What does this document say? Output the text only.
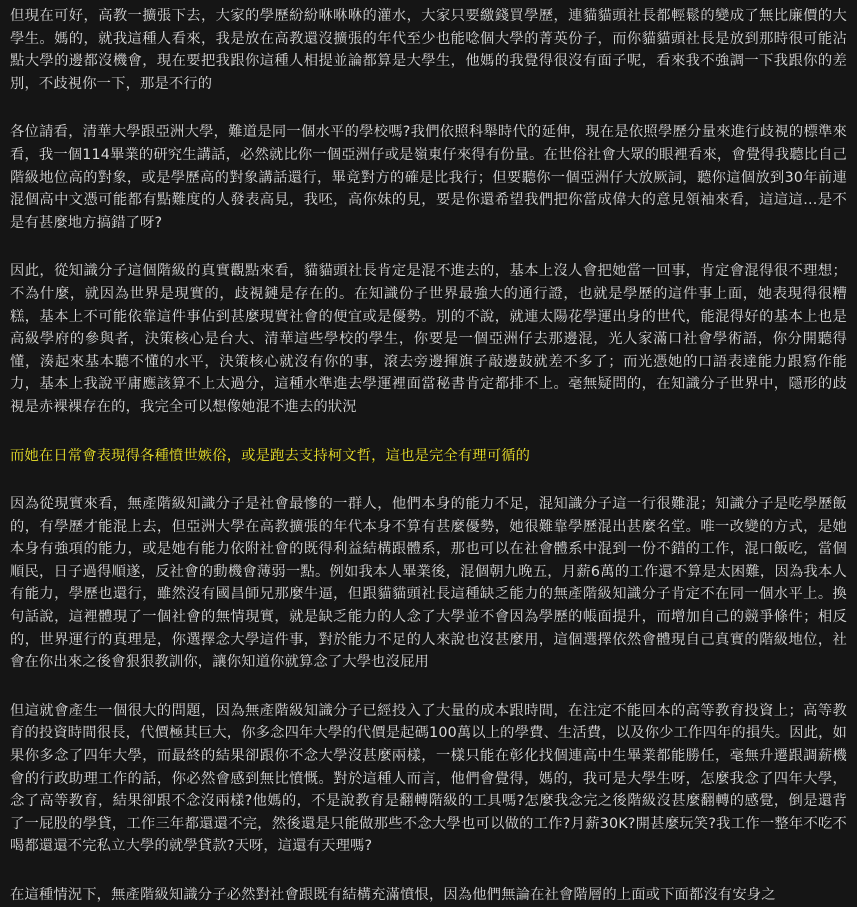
但現在可好，高教一擴張下去，大家的學歷紛紛咻咻咻的灌水，大家只要繳錢買學歷，連貓貓頭社長都輕鬆的變成了無比廉價的大學生。媽的，就我這種人看來，我是放在高教還沒擴張的年代至少也能唸個大學的菁英份子，而你貓貓頭社長是放到那時很可能沾點大學的邊都沒機會，現在要把我跟你這種人相提並論都算是大學生，他媽的我覺得很沒有面子呢，看來我不強調一下我跟你的差別，不歧視你一下，那是不行的

各位請看，清華大學跟亞洲大學，難道是同一個水平的學校嗎?我們依照科舉時代的延伸，現在是依照學歷分量來進行歧視的標準來看，我一個114畢業的研究生講話，必然就比你一個亞洲仔或是嶺東仔來得有份量。在世俗社會大眾的眼裡看來，會覺得我聽比自己階級地位高的對象，或是學歷高的對象講話還行，畢竟對方的確是比我行；但要聽你一個亞洲仔大放厥詞，聽你這個放到30年前連混個高中文憑可能都有點難度的人發表高見，我呸，高你妹的見，要是你還希望我們把你當成偉大的意見領袖來看，這這這…是不是有甚麼地方搞錯了呀?

因此，從知識分子這個階級的真實觀點來看，貓貓頭社長肯定是混不進去的，基本上沒人會把她當一回事，肯定會混得很不理想；不為什麼，就因為世界是現實的，歧視鏈是存在的。在知識份子世界最強大的通行證，也就是學歷的這件事上面，她表現得很糟糕，基本上不可能依靠這件事佔到甚麼現實社會的便宜或是優勢。別的不說，就連太陽花學運出身的世代，能混得好的基本上也是高級學府的參與者，決策核心是台大、清華這些學校的學生，你要是一個亞洲仔去那邊混，光人家滿口社會學術語，你分開聽得懂，湊起來基本聽不懂的水平，決策核心就沒有你的事，滾去旁邊揮旗子敲邊鼓就差不多了；而光憑她的口語表達能力跟寫作能力，基本上我說平庸應該算不上太過分，這種水準進去學運裡面當秘書肯定都排不上。毫無疑問的，在知識分子世界中，隱形的歧視是赤裸裸存在的，我完全可以想像她混不進去的狀況

而她在日常會表現得各種憤世嫉俗，或是跑去支持柯文哲，這也是完全有理可循的

因為從現實來看，無產階級知識分子是社會最慘的一群人，他們本身的能力不足，混知識分子這一行很難混；知識分子是吃學歷飯的，有學歷才能混上去，但亞洲大學在高教擴張的年代本身不算有甚麼優勢，她很難靠學歷混出甚麼名堂。唯一改變的方式，是她本身有強項的能力，或是她有能力依附社會的既得利益結構跟體系，那也可以在社會體系中混到一份不錯的工作，混口飯吃，當個順民，日子過得順遂，反社會的動機會薄弱一點。例如我本人畢業後，混個朝九晚五，月薪6萬的工作還不算是太困難，因為我本人有能力，學歷也還行，雖然沒有國昌師兄那麼牛逼，但跟貓貓頭社長這種缺乏能力的無產階級知識分子肯定不在同一個水平上。換句話說，這裡體現了一個社會的無情現實，就是缺乏能力的人念了大學並不會因為學歷的帳面提升，而增加自己的競爭條件；相反的，世界運行的真理是，你選擇念大學這件事，對於能力不足的人來說也沒甚麼用，這個選擇依然會體現自己真實的階級地位，社會在你出來之後會狠狠教訓你，讓你知道你就算念了大學也沒屁用

但這就會產生一個很大的問題，因為無產階級知識分子已經投入了大量的成本跟時間，在注定不能回本的高等教育投資上；高等教育的投資時間很長，代價極其巨大，你多念四年大學的代價是起碼100萬以上的學費、生活費，以及你少工作四年的損失。因此，如果你多念了四年大學，而最終的結果卻跟你不念大學沒甚麼兩樣，一樣只能在彰化找個連高中生畢業都能勝任，毫無升遷跟調薪機會的行政助理工作的話，你必然會感到無比憤慨。對於這種人而言，他們會覺得，媽的，我可是大學生呀，怎麼我念了四年大學，念了高等教育，結果卻跟不念沒兩樣?他媽的，不是說教育是翻轉階級的工具嗎?怎麼我念完之後階級沒甚麼翻轉的感覺，倒是還背了一屁股的學貸，工作三年都還還不完，然後還是只能做那些不念大學也可以做的工作?月薪30K?開甚麼玩笑?我工作一整年不吃不喝都還還不完私立大學的就學貸款?天呀，這還有天理嗎?

在這種情況下，無產階級知識分子必然對社會跟既有結構充滿憤恨，因為他們無論在社會階層的上面或下面都沒有安身之
